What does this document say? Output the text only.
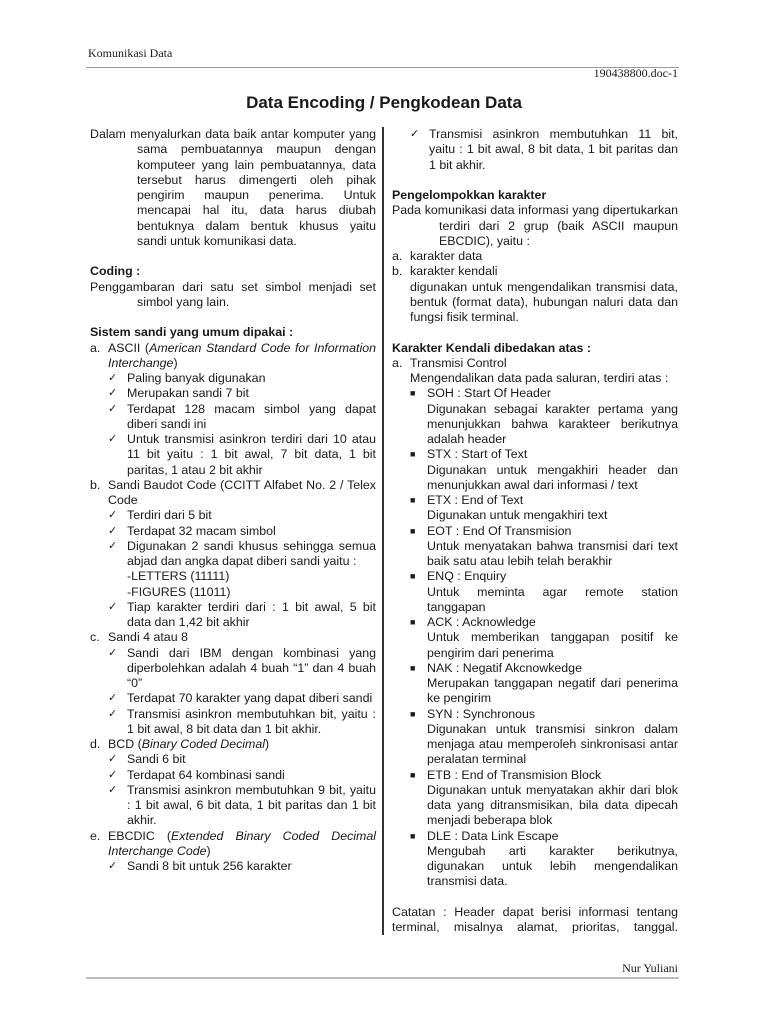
Komunikasi Data
190438800.doc-1
Data Encoding / Pengkodean Data
Dalam menyalurkan data baik antar komputer yang sama pembuatannya maupun dengan komputeer yang lain pembuatannya, data tersebut harus dimengerti oleh pihak pengirim maupun penerima. Untuk mencapai hal itu, data harus diubah bentuknya dalam bentuk khusus yaitu sandi untuk komunikasi data.
Coding :
Penggambaran dari satu set simbol menjadi set simbol yang lain.
Sistem sandi yang umum dipakai :
a. ASCII (American Standard Code for Information Interchange)
✓ Paling banyak digunakan
✓ Merupakan sandi 7 bit
✓ Terdapat 128 macam simbol yang dapat diberi sandi ini
✓ Untuk transmisi asinkron terdiri dari 10 atau 11 bit yaitu : 1 bit awal, 7 bit data, 1 bit paritas, 1 atau 2 bit akhir
b. Sandi Baudot Code (CCITT Alfabet No. 2 / Telex Code
✓ Terdiri dari 5 bit
✓ Terdapat 32 macam simbol
✓ Digunakan 2 sandi khusus sehingga semua abjad dan angka dapat diberi sandi yaitu :
-LETTERS (11111)
-FIGURES (11011)
✓ Tiap karakter terdiri dari : 1 bit awal, 5 bit data dan 1,42 bit akhir
c. Sandi 4 atau 8
✓ Sandi dari IBM dengan kombinasi yang diperbolehkan adalah 4 buah “1” dan 4 buah “0”
✓ Terdapat 70 karakter yang dapat diberi sandi
✓ Transmisi asinkron membutuhkan bit, yaitu : 1 bit awal, 8 bit data dan 1 bit akhir.
d. BCD (Binary Coded Decimal)
✓ Sandi 6 bit
✓ Terdapat 64 kombinasi sandi
✓ Transmisi asinkron membutuhkan 9 bit, yaitu : 1 bit awal, 6 bit data, 1 bit paritas dan 1 bit akhir.
e. EBCDIC (Extended Binary Coded Decimal Interchange Code)
✓ Sandi 8 bit untuk 256 karakter
✓ Transmisi asinkron membutuhkan 11 bit, yaitu : 1 bit awal, 8 bit data, 1 bit paritas dan 1 bit akhir.
Pengelompokkan karakter
Pada komunikasi data informasi yang dipertukarkan terdiri dari 2 grup (baik ASCII maupun EBCDIC), yaitu :
a. karakter data
b. karakter kendali
digunakan untuk mengendalikan transmisi data, bentuk (format data), hubungan naluri data dan fungsi fisik terminal.
Karakter Kendali dibedakan atas :
a. Transmisi Control
Mengendalikan data pada saluran, terdiri atas :
■ SOH : Start Of Header
Digunakan sebagai karakter pertama yang menunjukkan bahwa karakteer berikutnya adalah header
■ STX : Start of Text
Digunakan untuk mengakhiri header dan menunjukkan awal dari informasi / text
■ ETX : End of Text
Digunakan untuk mengakhiri text
■ EOT : End Of Transmision
Untuk menyatakan bahwa transmisi dari text baik satu atau lebih telah berakhir
■ ENQ : Enquiry
Untuk meminta agar remote station tanggapan
■ ACK : Acknowledge
Untuk memberikan tanggapan positif ke pengirim dari penerima
■ NAK : Negatif Akcnowkedge
Merupakan tanggapan negatif dari penerima ke pengirim
■ SYN : Synchronous
Digunakan untuk transmisi sinkron dalam menjaga atau memperoleh sinkronisasi antar peralatan terminal
■ ETB : End of Transmision Block
Digunakan untuk menyatakan akhir dari blok data yang ditransmisikan, bila data dipecah menjadi beberapa blok
■ DLE : Data Link Escape
Mengubah arti karakter berikutnya, digunakan untuk lebih mengendalikan transmisi data.
Catatan : Header dapat berisi informasi tentang terminal, misalnya alamat, prioritas, tanggal.
Nur Yuliani
